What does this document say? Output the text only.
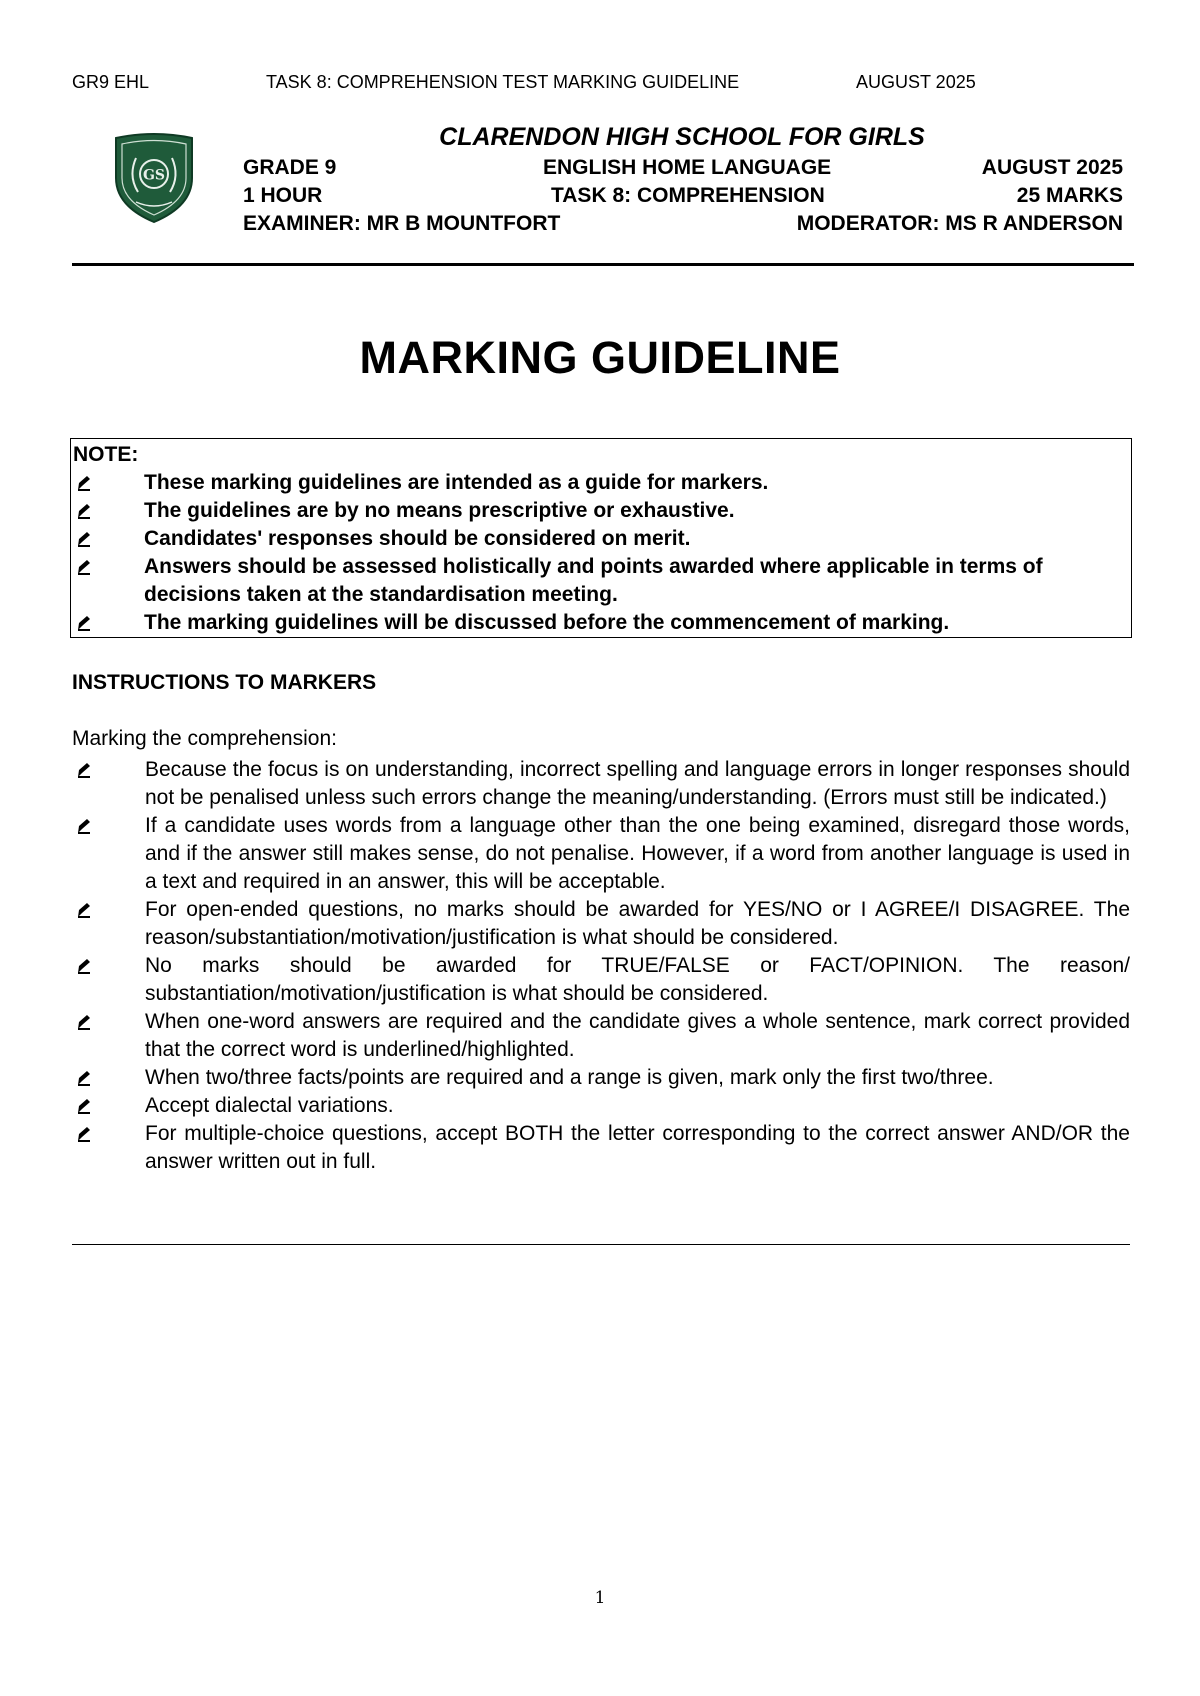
GR9 EHL	TASK 8: COMPREHENSION TEST MARKING GUIDELINE	AUGUST 2025
GS
CLARENDON HIGH SCHOOL FOR GIRLS
GRADE 9	ENGLISH HOME LANGUAGE	AUGUST 2025
1 HOUR	TASK 8: COMPREHENSION	25 MARKS
EXAMINER: MR B MOUNTFORT	MODERATOR: MS R ANDERSON
MARKING GUIDELINE
NOTE:
These marking guidelines are intended as a guide for markers.
The guidelines are by no means prescriptive or exhaustive.
Candidates' responses should be considered on merit.
Answers should be assessed holistically and points awarded where applicable in terms of decisions taken at the standardisation meeting.
The marking guidelines will be discussed before the commencement of marking.
INSTRUCTIONS TO MARKERS
Marking the comprehension:
Because the focus is on understanding, incorrect spelling and language errors in longer responses should not be penalised unless such errors change the meaning/understanding. (Errors must still be indicated.)
If a candidate uses words from a language other than the one being examined, disregard those words, and if the answer still makes sense, do not penalise. However, if a word from another language is used in a text and required in an answer, this will be acceptable.
For open-ended questions, no marks should be awarded for YES/NO or I AGREE/I DISAGREE. The reason/substantiation/motivation/justification is what should be considered.
No marks should be awarded for TRUE/FALSE or FACT/OPINION. The reason/ substantiation/motivation/justification is what should be considered.
When one-word answers are required and the candidate gives a whole sentence, mark correct provided that the correct word is underlined/highlighted.
When two/three facts/points are required and a range is given, mark only the first two/three.
Accept dialectal variations.
For multiple-choice questions, accept BOTH the letter corresponding to the correct answer AND/OR the answer written out in full.
1
